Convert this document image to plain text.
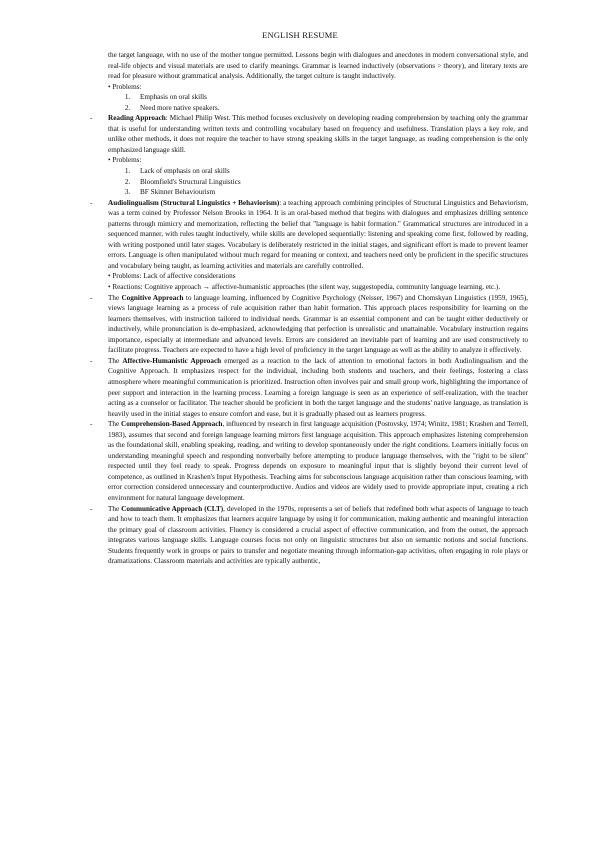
ENGLISH RESUME

the target language, with no use of the mother tongue permitted. Lessons begin with dialogues and anecdotes in modern conversational style, and real-life objects and visual materials are used to clarify meanings. Grammar is learned inductively (observations > theory), and literary texts are read for pleasure without grammatical analysis. Additionally, the target culture is taught inductively.

• Problems:

1. Emphasis on oral skills
2. Need more native speakers.
- Reading Approach: Michael Philip West. This method focuses exclusively on developing reading comprehension by teaching only the grammar that is useful for understanding written texts and controlling vocabulary based on frequency and usefulness. Translation plays a key role, and unlike other methods, it does not require the teacher to have strong speaking skills in the target language, as reading comprehension is the only emphasized language skill.

• Problems:

1. Lack of emphasis on oral skills
2. Bloomfield's Structural Linguistics
3. BF Skinner Behaviourism
- Audiolingualism (Structural Linguistics + Behaviorism): a teaching approach combining principles of Structural Linguistics and Behaviorism, was a term coined by Professor Nelson Brooks in 1964. It is an oral-based method that begins with dialogues and emphasizes drilling sentence patterns through mimicry and memorization, reflecting the belief that "language is habit formation." Grammatical structures are introduced in a sequenced manner, with rules taught inductively, while skills are developed sequentially: listening and speaking come first, followed by reading, with writing postponed until later stages. Vocabulary is deliberately restricted in the initial stages, and significant effort is made to prevent learner errors. Language is often manipulated without much regard for meaning or context, and teachers need only be proficient in the specific structures and vocabulary being taught, as learning activities and materials are carefully controlled.

• Problems: Lack of affective considerations

• Reactions: Cognitive approach → affective-humanistic approaches (the silent way, suggestopedia, community language learning, etc.).

- The Cognitive Approach to language learning, influenced by Cognitive Psychology (Neisser, 1967) and Chomskyan Linguistics (1959, 1965), views language learning as a process of rule acquisition rather than habit formation. This approach places responsibility for learning on the learners themselves, with instruction tailored to individual needs. Grammar is an essential component and can be taught either deductively or inductively, while pronunciation is de-emphasized, acknowledging that perfection is unrealistic and unattainable. Vocabulary instruction regains importance, especially at intermediate and advanced levels. Errors are considered an inevitable part of learning and are used constructively to facilitate progress. Teachers are expected to have a high level of proficiency in the target language as well as the ability to analyze it effectively.

- The Affective-Humanistic Approach emerged as a reaction to the lack of attention to emotional factors in both Audiolingualism and the Cognitive Approach. It emphasizes respect for the individual, including both students and teachers, and their feelings, fostering a class atmosphere where meaningful communication is prioritized. Instruction often involves pair and small group work, highlighting the importance of peer support and interaction in the learning process. Learning a foreign language is seen as an experience of self-realization, with the teacher acting as a counselor or facilitator. The teacher should be proficient in both the target language and the students' native language, as translation is heavily used in the initial stages to ensure comfort and ease, but it is gradually phased out as learners progress.

- The Comprehension-Based Approach, influenced by research in first language acquisition (Postovsky, 1974; Winitz, 1981; Krashen and Terrell, 1983), assumes that second and foreign language learning mirrors first language acquisition. This approach emphasizes listening comprehension as the foundational skill, enabling speaking, reading, and writing to develop spontaneously under the right conditions. Learners initially focus on understanding meaningful speech and responding nonverbally before attempting to produce language themselves, with the "right to be silent" respected until they feel ready to speak. Progress depends on exposure to meaningful input that is slightly beyond their current level of competence, as outlined in Krashen's Input Hypothesis. Teaching aims for subconscious language acquisition rather than conscious learning, with error correction considered unnecessary and counterproductive. Audios and videos are widely used to provide appropriate input, creating a rich environment for natural language development.

- The Communicative Approach (CLT), developed in the 1970s, represents a set of beliefs that redefined both what aspects of language to teach and how to teach them. It emphasizes that learners acquire language by using it for communication, making authentic and meaningful interaction the primary goal of classroom activities. Fluency is considered a crucial aspect of effective communication, and from the outset, the approach integrates various language skills. Language courses focus not only on linguistic structures but also on semantic notions and social functions. Students frequently work in groups or pairs to transfer and negotiate meaning through information-gap activities, often engaging in role plays or dramatizations. Classroom materials and activities are typically authentic,
